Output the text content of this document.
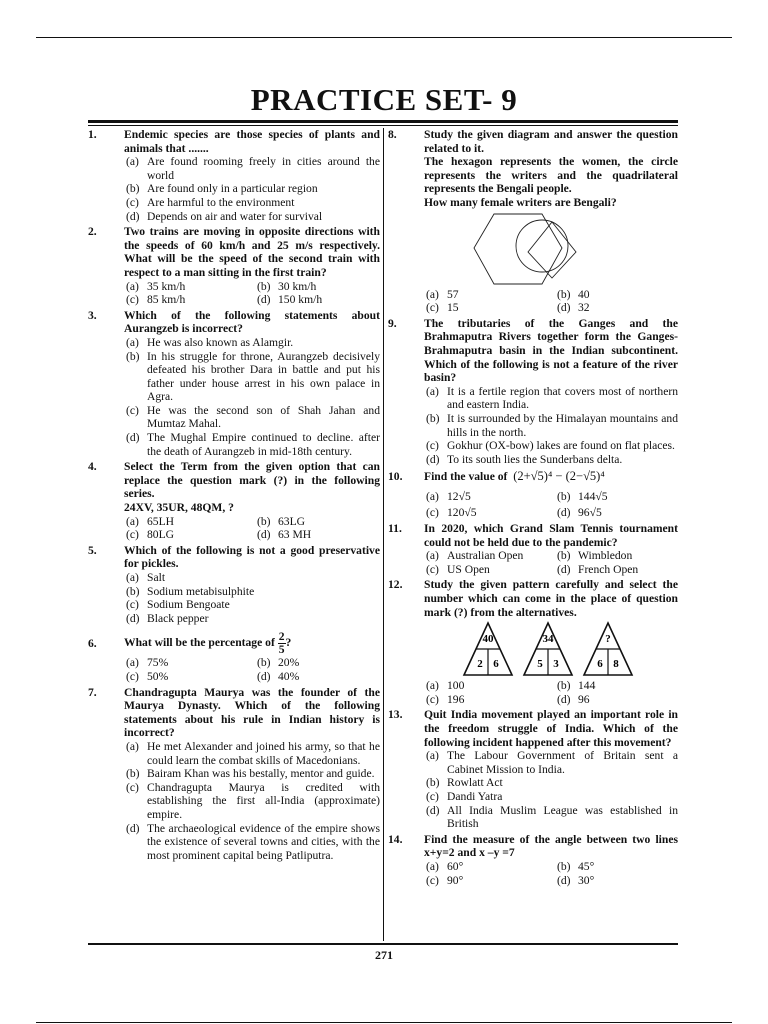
PRACTICE SET- 9
271
1.	Endemic species are those species of plants and animals that .......
(a) Are found rooming freely in cities around the world
(b) Are found only in a particular region
(c) Are harmful to the environment
(d) Depends on air and water for survival
2.	Two trains are moving in opposite directions with the speeds of 60 km/h and 25 m/s respectively. What will be the speed of the second train with respect to a man sitting in the first train?
(a) 35 km/h	(b) 30 km/h
(c) 85 km/h	(d) 150 km/h
3.	Which of the following statements about Aurangzeb is incorrect?
(a) He was also known as Alamgir.
(b) In his struggle for throne, Aurangzeb decisively defeated his brother Dara in battle and put his father under house arrest in his own palace in Agra.
(c) He was the second son of Shah Jahan and Mumtaz Mahal.
(d) The Mughal Empire continued to decline. after the death of Aurangzeb in mid-18th century.
4.	Select the Term from the given option that can replace the question mark (?) in the following series.
24XV, 35UR, 48QM, ?
(a) 65LH	(b) 63LG
(c) 80LG	(d) 63 MH
5.	Which of the following is not a good preservative for pickles.
(a) Salt
(b) Sodium metabisulphite
(c) Sodium Bengoate
(d) Black pepper
6.	What will be the percentage of $\frac{2}{5}$ ?
(a) 75%	(b) 20%
(c) 50%	(d) 40%
7.	Chandragupta Maurya was the founder of the Maurya Dynasty. Which of the following statements about his rule in Indian history is incorrect?
(a) He met Alexander and joined his army, so that he could learn the combat skills of Macedonians.
(b) Bairam Khan was his bestally, mentor and guide.
(c) Chandragupta Maurya is credited with establishing the first all-India (approximate) empire.
(d) The archaeological evidence of the empire shows the existence of several towns and cities, with the most prominent capital being Patliputra.
8.	Study the given diagram and answer the question related to it.
The hexagon represents the women, the circle represents the writers and the quadrilateral represents the Bengali people.
How many female writers are Bengali?
(a) 57	(b) 40
(c) 15	(d) 32
9.	The tributaries of the Ganges and the Brahmaputra Rivers together form the Ganges-Brahmaputra basin in the Indian subcontinent. Which of the following is not a feature of the river basin?
(a) It is a fertile region that covers most of northern and eastern India.
(b) It is surrounded by the Himalayan mountains and hills in the north.
(c) Gokhur (OX-bow) lakes are found on flat places.
(d) To its south lies the Sunderbans delta.
10.	Find the value of (2+√5)⁴ − (2−√5)⁴
(a) 12√5	(b) 144√5
(c) 120√5	(d) 96√5
11.	In 2020, which Grand Slam Tennis tournament could not be held due to the pandemic?
(a) Australian Open	(b) Wimbledon
(c) US Open	(d) French Open
12.	Study the given pattern carefully and select the number which can come in the place of question mark (?) from the alternatives.
40
2 6
34
5 3
?
6 8
(a) 100	(b) 144
(c) 196	(d) 96
13.	Quit India movement played an important role in the freedom struggle of India. Which of the following incident happened after this movement?
(a) The Labour Government of Britain sent a Cabinet Mission to India.
(b) Rowlatt Act
(c) Dandi Yatra
(d) All India Muslim League was established in British
14.	Find the measure of the angle between two lines x+y=2 and x –y =7
(a) 60°	(b) 45°
(c) 90°	(d) 30°
